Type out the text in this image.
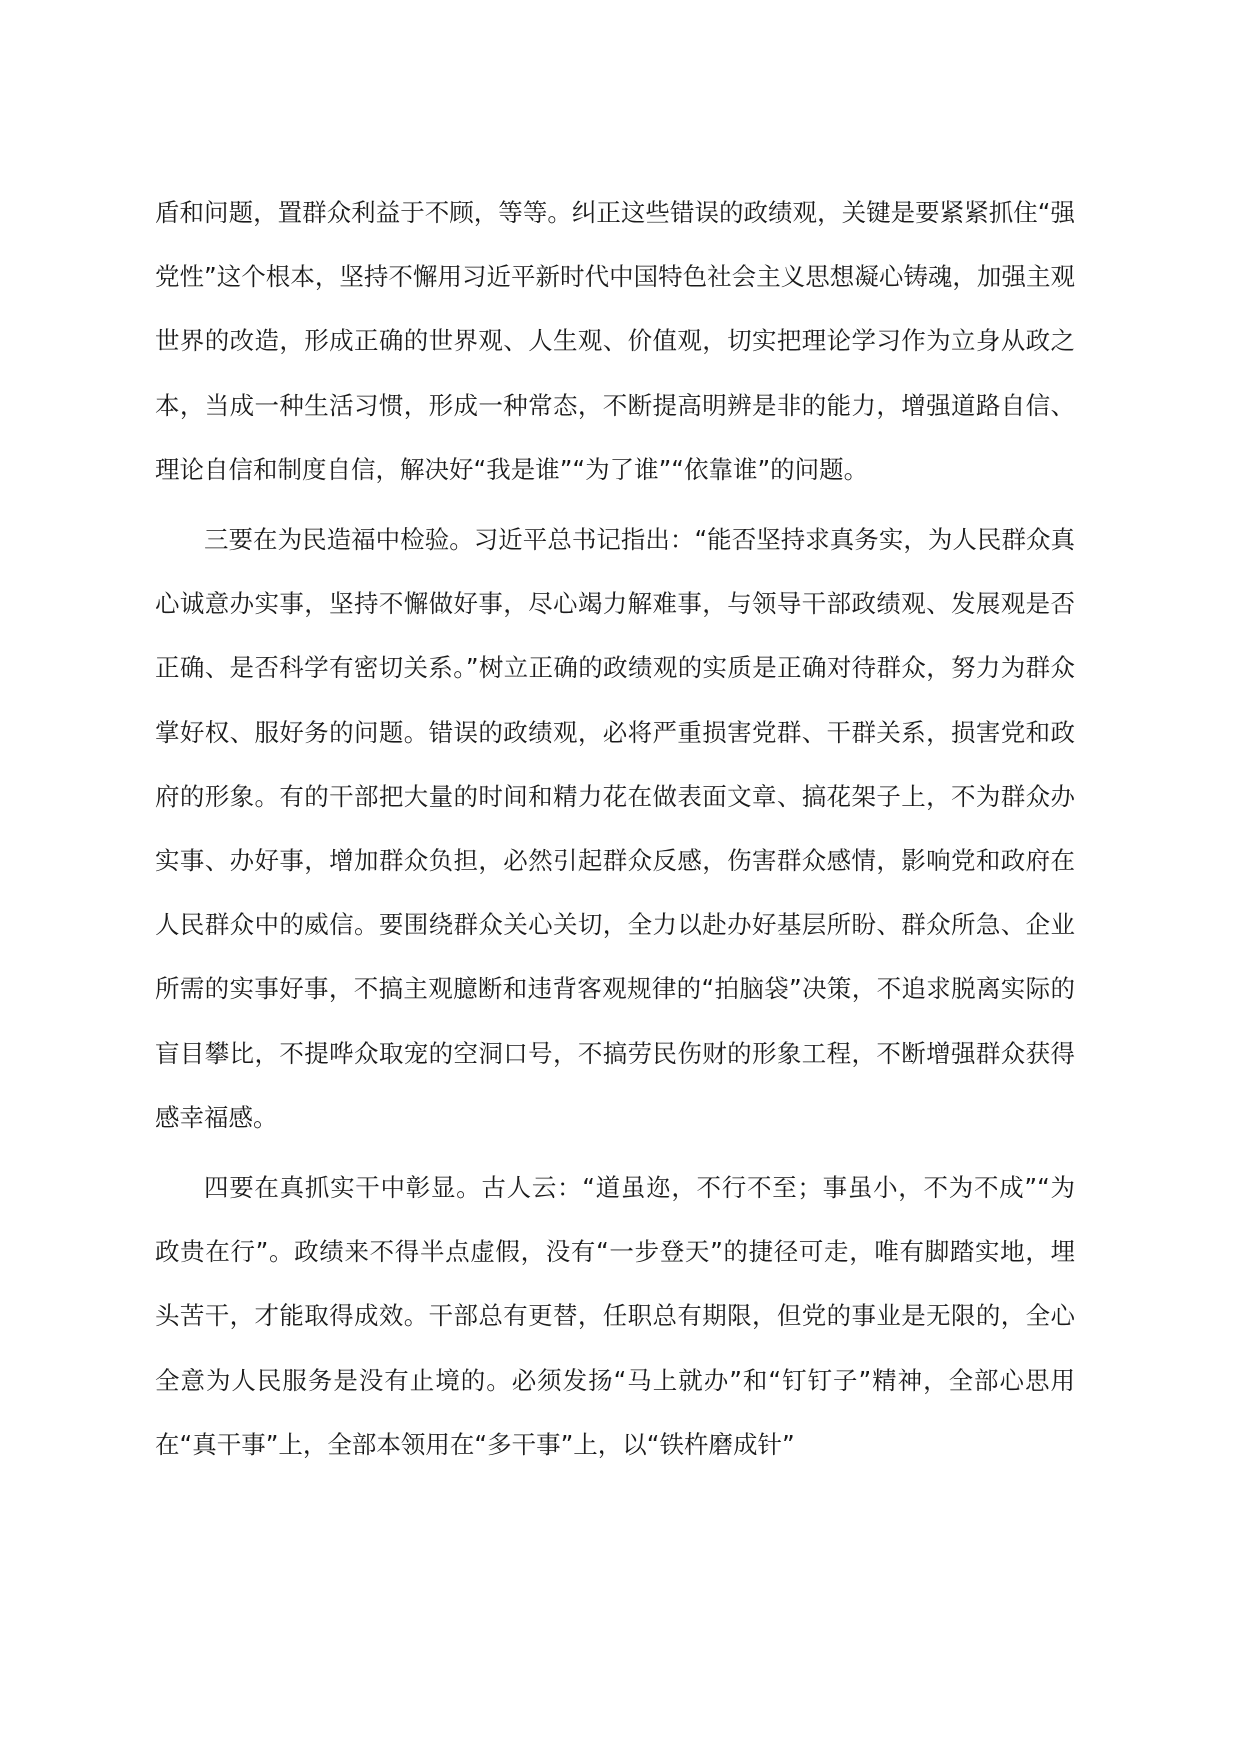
盾和问题，置群众利益于不顾，等等。纠正这些错误的政绩观，关键是要紧紧抓住“强党性”这个根本，坚持不懈用习近平新时代中国特色社会主义思想凝心铸魂，加强主观世界的改造，形成正确的世界观、人生观、价值观，切实把理论学习作为立身从政之本，当成一种生活习惯，形成一种常态，不断提高明辨是非的能力，增强道路自信、理论自信和制度自信，解决好“我是谁”“为了谁”“依靠谁”的问题。

三要在为民造福中检验。习近平总书记指出：“能否坚持求真务实，为人民群众真心诚意办实事，坚持不懈做好事，尽心竭力解难事，与领导干部政绩观、发展观是否正确、是否科学有密切关系。”树立正确的政绩观的实质是正确对待群众，努力为群众掌好权、服好务的问题。错误的政绩观，必将严重损害党群、干群关系，损害党和政府的形象。有的干部把大量的时间和精力花在做表面文章、搞花架子上，不为群众办实事、办好事，增加群众负担，必然引起群众反感，伤害群众感情，影响党和政府在人民群众中的威信。要围绕群众关心关切，全力以赴办好基层所盼、群众所急、企业所需的实事好事，不搞主观臆断和违背客观规律的“拍脑袋”决策，不追求脱离实际的盲目攀比，不提哗众取宠的空洞口号，不搞劳民伤财的形象工程，不断增强群众获得感幸福感。

四要在真抓实干中彰显。古人云：“道虽迩，不行不至；事虽小，不为不成”“为政贵在行”。政绩来不得半点虚假，没有“一步登天”的捷径可走，唯有脚踏实地，埋头苦干，才能取得成效。干部总有更替，任职总有期限，但党的事业是无限的，全心全意为人民服务是没有止境的。必须发扬“马上就办”和“钉钉子”精神，全部心思用在“真干事”上，全部本领用在“多干事”上，以“铁杵磨成针”
